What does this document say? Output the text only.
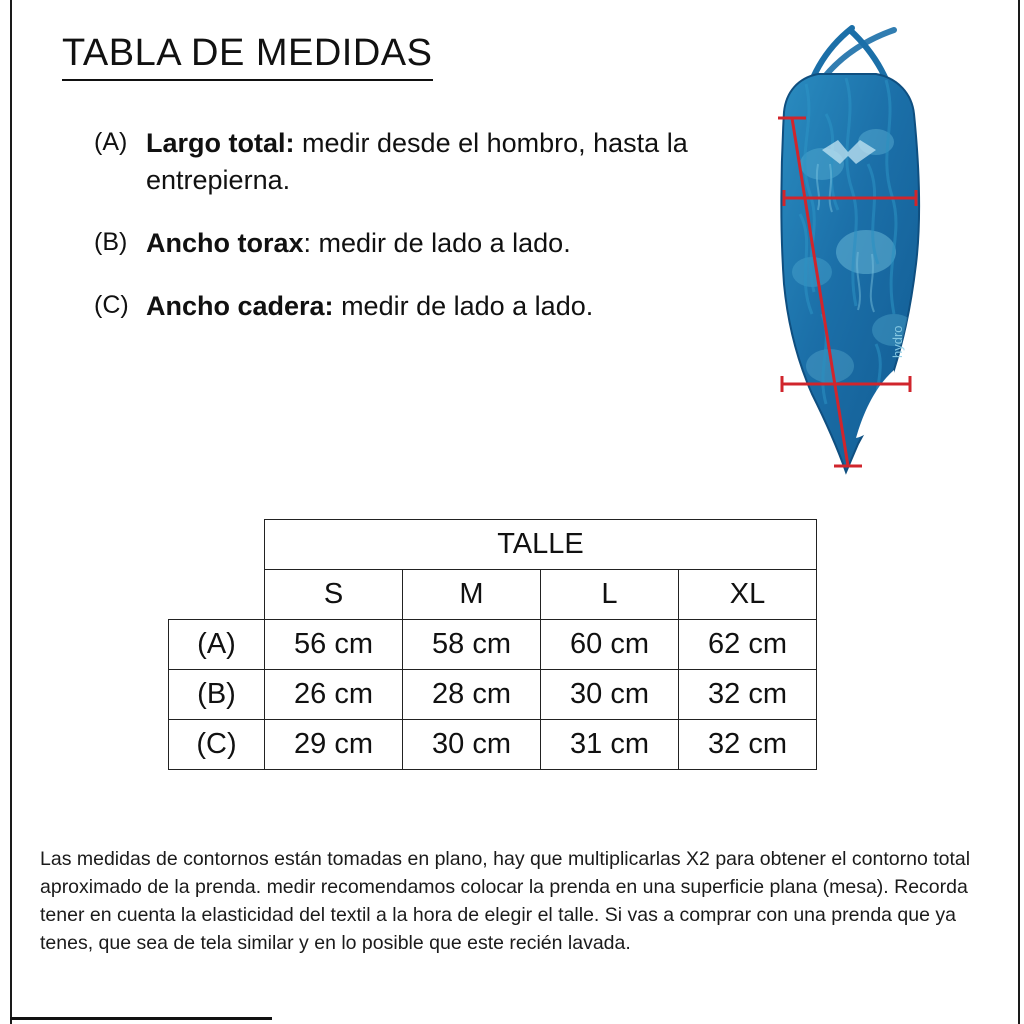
TABLA DE MEDIDAS
(A) Largo total: medir desde el hombro, hasta la entrepierna.
(B) Ancho torax: medir de lado a lado.
(C) Ancho cadera: medir de lado a lado.
hydro
	TALLE			
	S	M	L	XL
(A)	56 cm	58 cm	60 cm	62 cm
(B)	26 cm	28 cm	30 cm	32 cm
(C)	29 cm	30 cm	31 cm	32 cm
Las medidas de contornos están tomadas en plano, hay que multiplicarlas X2 para obtener el contorno total aproximado de la prenda. medir recomendamos colocar la prenda en una superficie plana (mesa). Recorda tener en cuenta la elasticidad del textil a la hora de elegir el talle. Si vas a comprar con una prenda que ya tenes, que sea de tela similar y en lo posible que este recién lavada.
